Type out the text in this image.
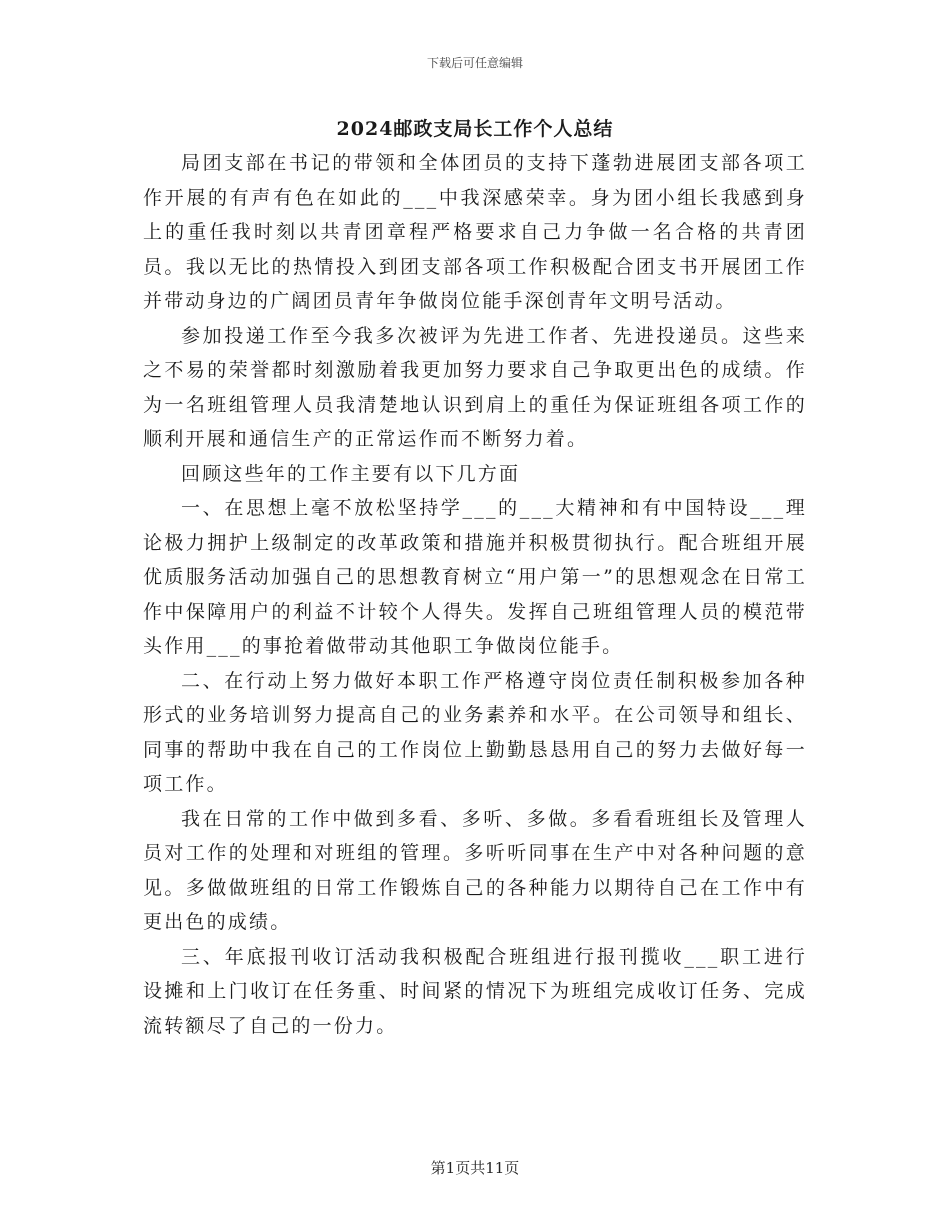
下载后可任意编辑
2024邮政支局长工作个人总结

局团支部在书记的带领和全体团员的支持下蓬勃进展团支部各项工作开展的有声有色在如此的___中我深感荣幸。身为团小组长我感到身上的重任我时刻以共青团章程严格要求自己力争做一名合格的共青团员。我以无比的热情投入到团支部各项工作积极配合团支书开展团工作并带动身边的广阔团员青年争做岗位能手深创青年文明号活动。

参加投递工作至今我多次被评为先进工作者、先进投递员。这些来之不易的荣誉都时刻激励着我更加努力要求自己争取更出色的成绩。作为一名班组管理人员我清楚地认识到肩上的重任为保证班组各项工作的顺利开展和通信生产的正常运作而不断努力着。

回顾这些年的工作主要有以下几方面

一、在思想上毫不放松坚持学___的___大精神和有中国特设___理论极力拥护上级制定的改革政策和措施并积极贯彻执行。配合班组开展优质服务活动加强自己的思想教育树立“用户第一”的思想观念在日常工作中保障用户的利益不计较个人得失。发挥自己班组管理人员的模范带头作用___的事抢着做带动其他职工争做岗位能手。

二、在行动上努力做好本职工作严格遵守岗位责任制积极参加各种形式的业务培训努力提高自己的业务素养和水平。在公司领导和组长、同事的帮助中我在自己的工作岗位上勤勤恳恳用自己的努力去做好每一项工作。

我在日常的工作中做到多看、多听、多做。多看看班组长及管理人员对工作的处理和对班组的管理。多听听同事在生产中对各种问题的意见。多做做班组的日常工作锻炼自己的各种能力以期待自己在工作中有更出色的成绩。

三、年底报刊收订活动我积极配合班组进行报刊揽收___职工进行设摊和上门收订在任务重、时间紧的情况下为班组完成收订任务、完成流转额尽了自己的一份力。

第1页共11页
